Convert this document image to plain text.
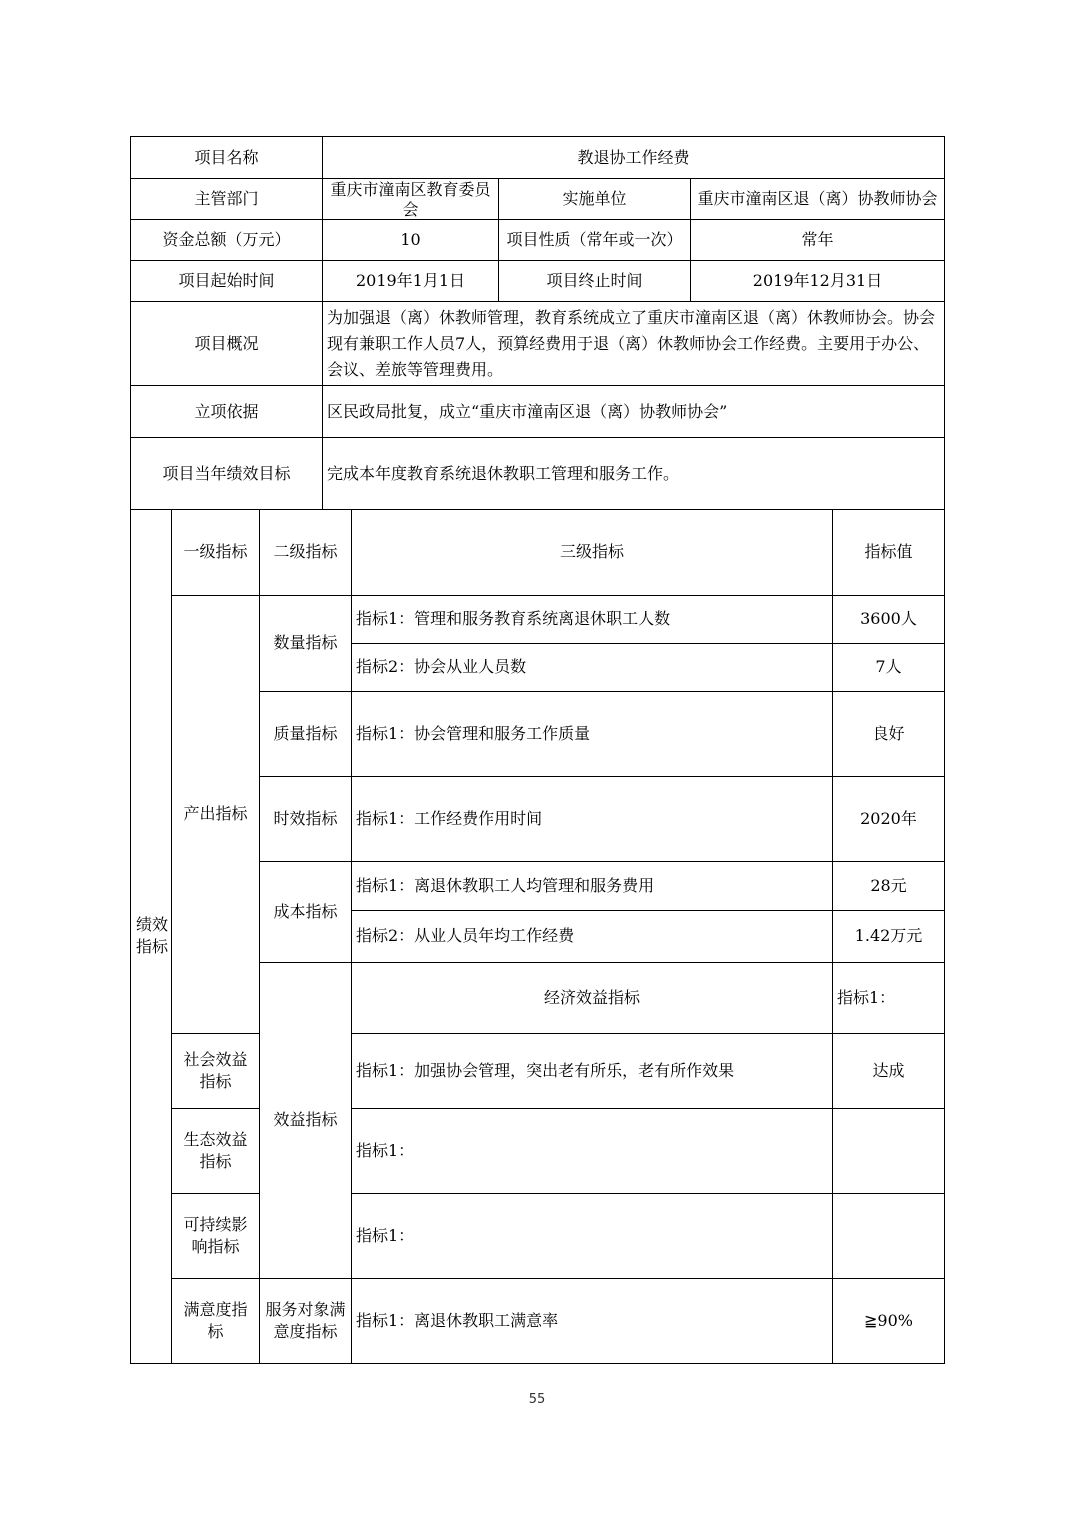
项目名称	教退协工作经费		
主管部门	重庆市潼南区教育委员会	实施单位	重庆市潼南区退（离）协教师协会

资金总额（万元）	10	项目性质（常年或一次）	常年
项目起始时间	2019年1月1日	项目终止时间	2019年12月31日
项目概况	为加强退（离）休教师管理，教育系统成立了重庆市潼南区退（离）休教师协会。协会现有兼职工作人员7人，预算经费用于退（离）休教师协会工作经费。主要用于办公、会议、差旅等管理费用。		
立项依据	区民政局批复，成立“重庆市潼南区退（离）协教师协会”		
项目当年绩效目标	完成本年度教育系统退休教职工管理和服务工作。		
绩效指标	一级指标	二级指标	三级指标	指标值	
	产出指标	数量指标	指标1：管理和服务教育系统离退休职工人数	3600人	
			指标2：协会从业人员数	7人	
		质量指标	指标1：协会管理和服务工作质量	良好	
		时效指标	指标1：工作经费作用时间	2020年	
		成本指标	指标1：离退休教职工人均管理和服务费用	28元	
			指标2：从业人员年均工作经费	1.42万元	
		效益指标	经济效益指标	指标1：	

	社会效益指标		指标1：加强协会管理，突出老有所乐，老有所作效果	达成	

	生态效益指标		指标1：		

	可持续影响指标		指标1：		

	满意度指标	服务对象满意度指标	指标1：离退休教职工满意率	≧90%	
55
